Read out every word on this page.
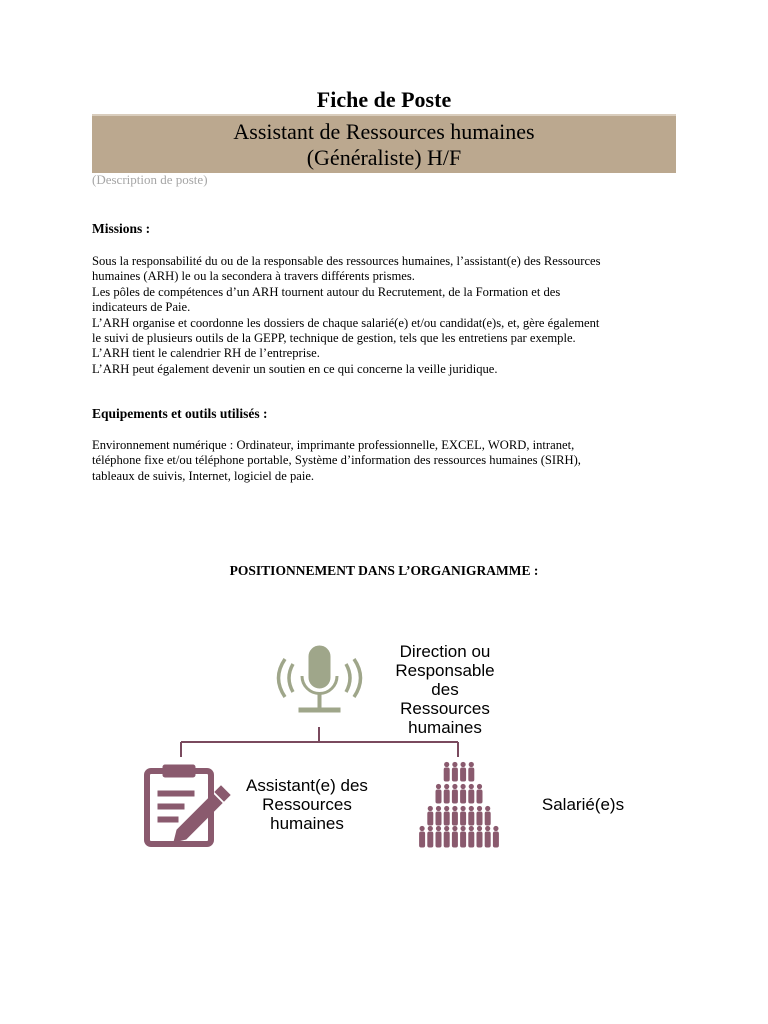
Fiche de Poste
Assistant de Ressources humaines
(Généraliste) H/F
(Description de poste)
Missions :

Sous la responsabilité du ou de la responsable des ressources humaines, l’assistant(e) des Ressources

humaines (ARH) le ou la secondera à travers différents prismes.

Les pôles de compétences d’un ARH tournent autour du Recrutement, de la Formation et des

indicateurs de Paie.

L’ARH organise et coordonne les dossiers de chaque salarié(e) et/ou candidat(e)s, et, gère également

le suivi de plusieurs outils de la GEPP, technique de gestion, tels que les entretiens par exemple.

L’ARH tient le calendrier RH de l’entreprise.

L’ARH peut également devenir un soutien en ce qui concerne la veille juridique.

Equipements et outils utilisés :

Environnement numérique : Ordinateur, imprimante professionnelle, EXCEL, WORD, intranet,

téléphone fixe et/ou téléphone portable, Système d’information des ressources humaines (SIRH),

tableaux de suivis, Internet, logiciel de paie.

POSITIONNEMENT DANS L’ORGANIGRAMME :
Direction ou
Responsable des
Ressources
humaines
Assistant(e) des
Ressources
humaines
Salarié(e)s
